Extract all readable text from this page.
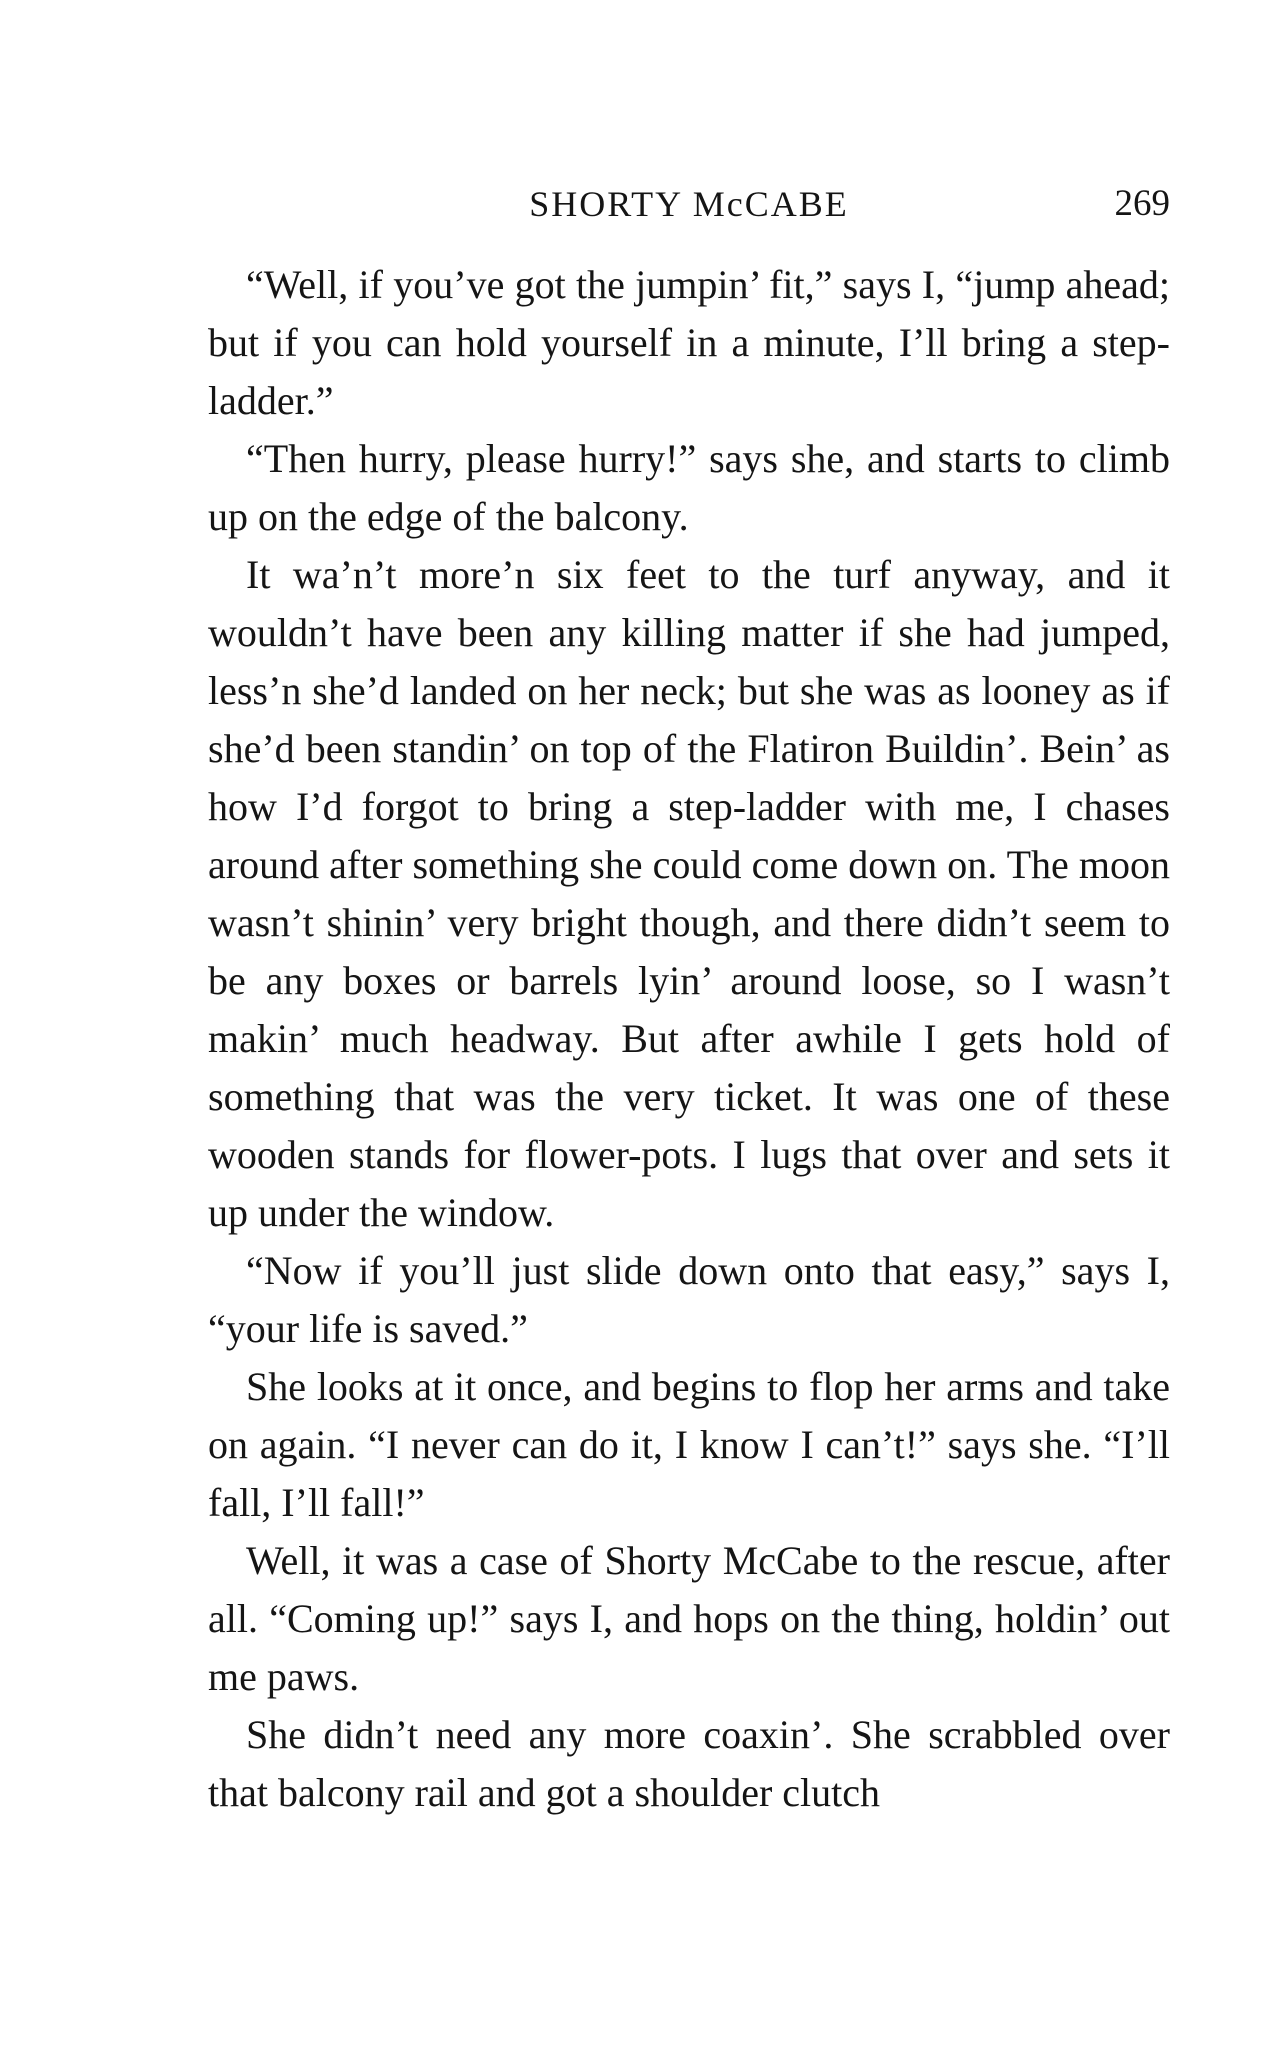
SHORTY McCABE	269

“Well, if you’ve got the jumpin’ fit,” says I, “jump ahead; but if you can hold yourself in a minute, I’ll bring a step-ladder.”

“Then hurry, please hurry!” says she, and starts to climb up on the edge of the balcony.

It wa’n’t more’n six feet to the turf anyway, and it wouldn’t have been any killing matter if she had jumped, less’n she’d landed on her neck; but she was as looney as if she’d been standin’ on top of the Flatiron Buildin’. Bein’ as how I’d forgot to bring a step-ladder with me, I chases around after something she could come down on. The moon wasn’t shinin’ very bright though, and there didn’t seem to be any boxes or barrels lyin’ around loose, so I wasn’t makin’ much headway. But after awhile I gets hold of something that was the very ticket. It was one of these wooden stands for flower-pots. I lugs that over and sets it up under the window.

“Now if you’ll just slide down onto that easy,” says I, “your life is saved.”

She looks at it once, and begins to flop her arms and take on again. “I never can do it, I know I can’t!” says she. “I’ll fall, I’ll fall!”

Well, it was a case of Shorty McCabe to the rescue, after all. “Coming up!” says I, and hops on the thing, holdin’ out me paws.

She didn’t need any more coaxin’. She scrabbled over that balcony rail and got a shoulder clutch
